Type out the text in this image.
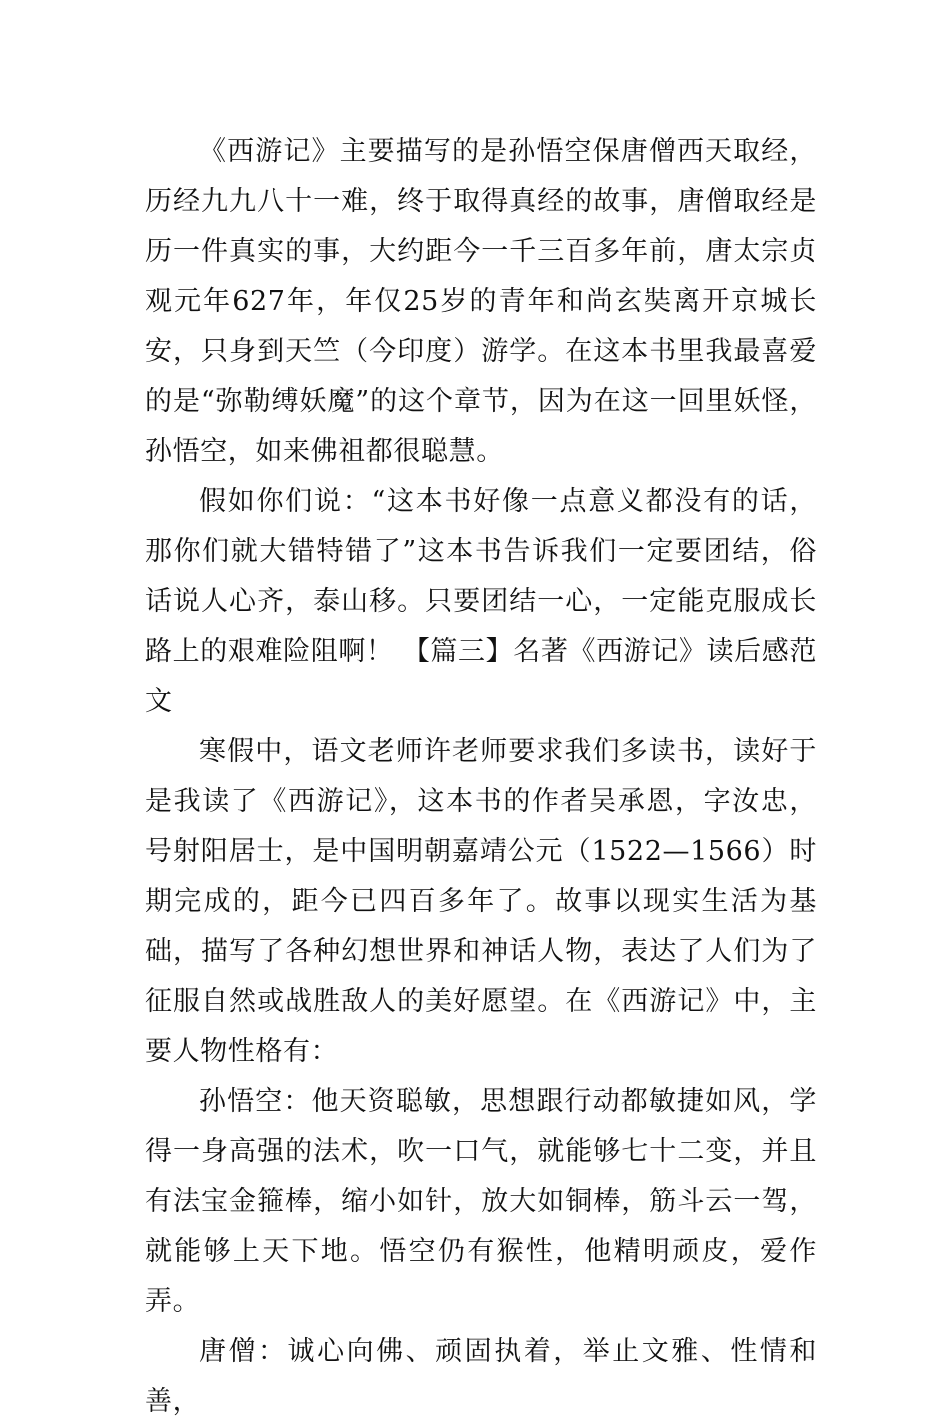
《西游记》主要描写的是孙悟空保唐僧西天取经，历经九九八十一难，终于取得真经的故事，唐僧取经是历一件真实的事，大约距今一千三百多年前，唐太宗贞观元年627年，年仅25岁的青年和尚玄奘离开京城长安，只身到天竺（今印度）游学。在这本书里我最喜爱的是“弥勒缚妖魔”的这个章节，因为在这一回里妖怪，孙悟空，如来佛祖都很聪慧。

假如你们说：“这本书好像一点意义都没有的话，那你们就大错特错了”这本书告诉我们一定要团结，俗话说人心齐，泰山移。只要团结一心，一定能克服成长路上的艰难险阻啊！ 【篇三】名著《西游记》读后感范文

寒假中，语文老师许老师要求我们多读书，读好于是我读了《西游记》，这本书的作者吴承恩，字汝忠，号射阳居士，是中国明朝嘉靖公元（1522—1566）时期完成的，距今已四百多年了。故事以现实生活为基础，描写了各种幻想世界和神话人物，表达了人们为了征服自然或战胜敌人的美好愿望。在《西游记》中，主要人物性格有：

孙悟空：他天资聪敏，思想跟行动都敏捷如风，学得一身高强的法术，吹一口气，就能够七十二变，并且有法宝金箍棒，缩小如针，放大如铜棒，筋斗云一驾，就能够上天下地。悟空仍有猴性，他精明顽皮，爱作弄。

唐僧：诚心向佛、顽固执着，举止文雅、性情和善，
